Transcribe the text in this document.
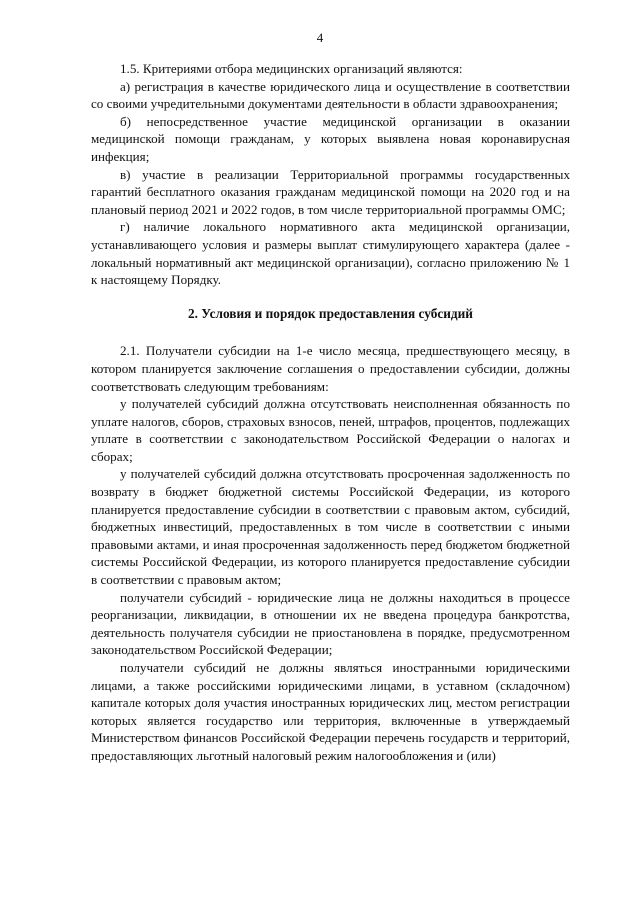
4

1.5. Критериями отбора медицинских организаций являются:

а) регистрация в качестве юридического лица и осуществление в соответствии со своими учредительными документами деятельности в области здравоохранения;

б) непосредственное участие медицинской организации в оказании медицинской помощи гражданам, у которых выявлена новая коронавирусная инфекция;

в) участие в реализации Территориальной программы государственных гарантий бесплатного оказания гражданам медицинской помощи на 2020 год и на плановый период 2021 и 2022 годов, в том числе территориальной программы ОМС;

г) наличие локального нормативного акта медицинской организации, устанавливающего условия и размеры выплат стимулирующего характера (далее - локальный нормативный акт медицинской организации), согласно приложению № 1 к настоящему Порядку.

2. Условия и порядок предоставления субсидий

2.1. Получатели субсидии на 1-е число месяца, предшествующего месяцу, в котором планируется заключение соглашения о предоставлении субсидии, должны соответствовать следующим требованиям:

у получателей субсидий должна отсутствовать неисполненная обязанность по уплате налогов, сборов, страховых взносов, пеней, штрафов, процентов, подлежащих уплате в соответствии с законодательством Российской Федерации о налогах и сборах;

у получателей субсидий должна отсутствовать просроченная задолженность по возврату в бюджет бюджетной системы Российской Федерации, из которого планируется предоставление субсидии в соответствии с правовым актом, субсидий, бюджетных инвестиций, предоставленных в том числе в соответствии с иными правовыми актами, и иная просроченная задолженность перед бюджетом бюджетной системы Российской Федерации, из которого планируется предоставление субсидии в соответствии с правовым актом;

получатели субсидий - юридические лица не должны находиться в процессе реорганизации, ликвидации, в отношении их не введена процедура банкротства, деятельность получателя субсидии не приостановлена в порядке, предусмотренном законодательством Российской Федерации;

получатели субсидий не должны являться иностранными юридическими лицами, а также российскими юридическими лицами, в уставном (складочном) капитале которых доля участия иностранных юридических лиц, местом регистрации которых является государство или территория, включенные в утверждаемый Министерством финансов Российской Федерации перечень государств и территорий, предоставляющих льготный налоговый режим налогообложения и (или)
